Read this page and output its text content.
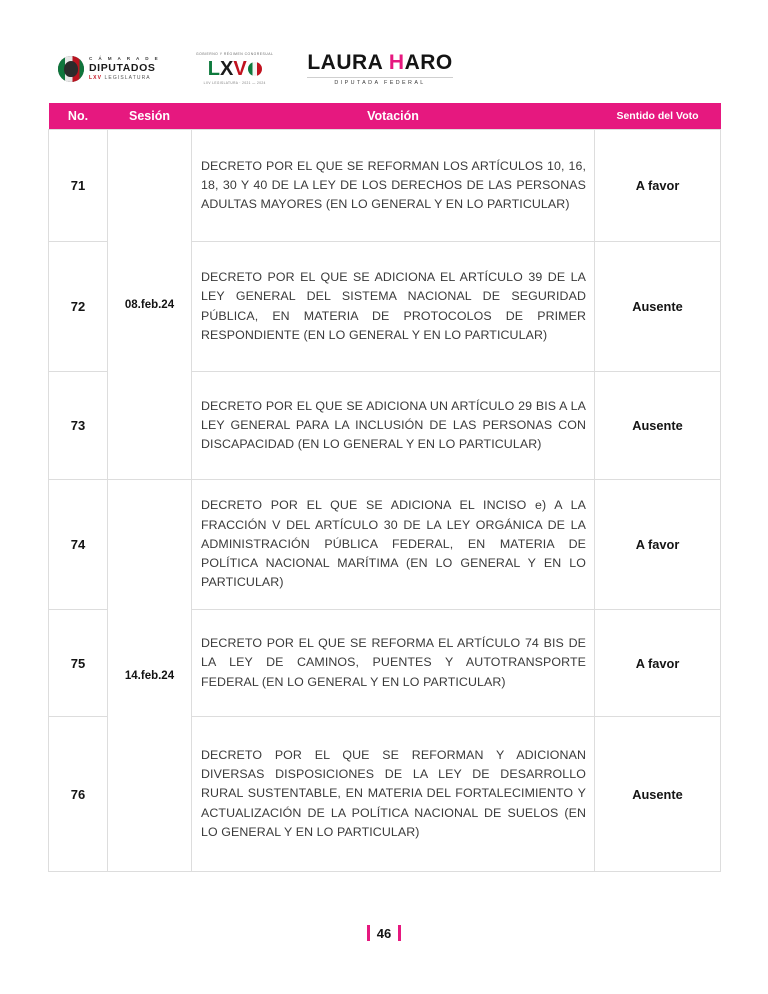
C Á M A R A D E
DIPUTADOS
LXV LEGISLATURA
GOBIERNO Y RÉGIMEN CONGRESUAL
L X V
LXV LEGISLATURA · 2021 — 2024
LAURA HARO
DIPUTADA FEDERAL
No.	Sesión	Votación	Sentido del Voto
71	08.feb.24	DECRETO POR EL QUE SE REFORMAN LOS ARTÍCULOS 10, 16, 18, 30 Y 40 DE LA LEY DE LOS DERECHOS DE LAS PERSONAS ADULTAS MAYORES (EN LO GENERAL Y EN LO PARTICULAR)	A favor
72		DECRETO POR EL QUE SE ADICIONA EL ARTÍCULO 39 DE LA LEY GENERAL DEL SISTEMA NACIONAL DE SEGURIDAD PÚBLICA, EN MATERIA DE PROTOCOLOS DE PRIMER RESPONDIENTE (EN LO GENERAL Y EN LO PARTICULAR)	Ausente
73		DECRETO POR EL QUE SE ADICIONA UN ARTÍCULO 29 BIS A LA LEY GENERAL PARA LA INCLUSIÓN DE LAS PERSONAS CON DISCAPACIDAD (EN LO GENERAL Y EN LO PARTICULAR)	Ausente
74	14.feb.24	DECRETO POR EL QUE SE ADICIONA EL INCISO e) A LA FRACCIÓN V DEL ARTÍCULO 30 DE LA LEY ORGÁNICA DE LA ADMINISTRACIÓN PÚBLICA FEDERAL, EN MATERIA DE POLÍTICA NACIONAL MARÍTIMA (EN LO GENERAL Y EN LO PARTICULAR)	A favor
75		DECRETO POR EL QUE SE REFORMA EL ARTÍCULO 74 BIS DE LA LEY DE CAMINOS, PUENTES Y AUTOTRANSPORTE FEDERAL (EN LO GENERAL Y EN LO PARTICULAR)	A favor
76		DECRETO POR EL QUE SE REFORMAN Y ADICIONAN DIVERSAS DISPOSICIONES DE LA LEY DE DESARROLLO RURAL SUSTENTABLE, EN MATERIA DEL FORTALECIMIENTO Y ACTUALIZACIÓN DE LA POLÍTICA NACIONAL DE SUELOS (EN LO GENERAL Y EN LO PARTICULAR)	Ausente
46
